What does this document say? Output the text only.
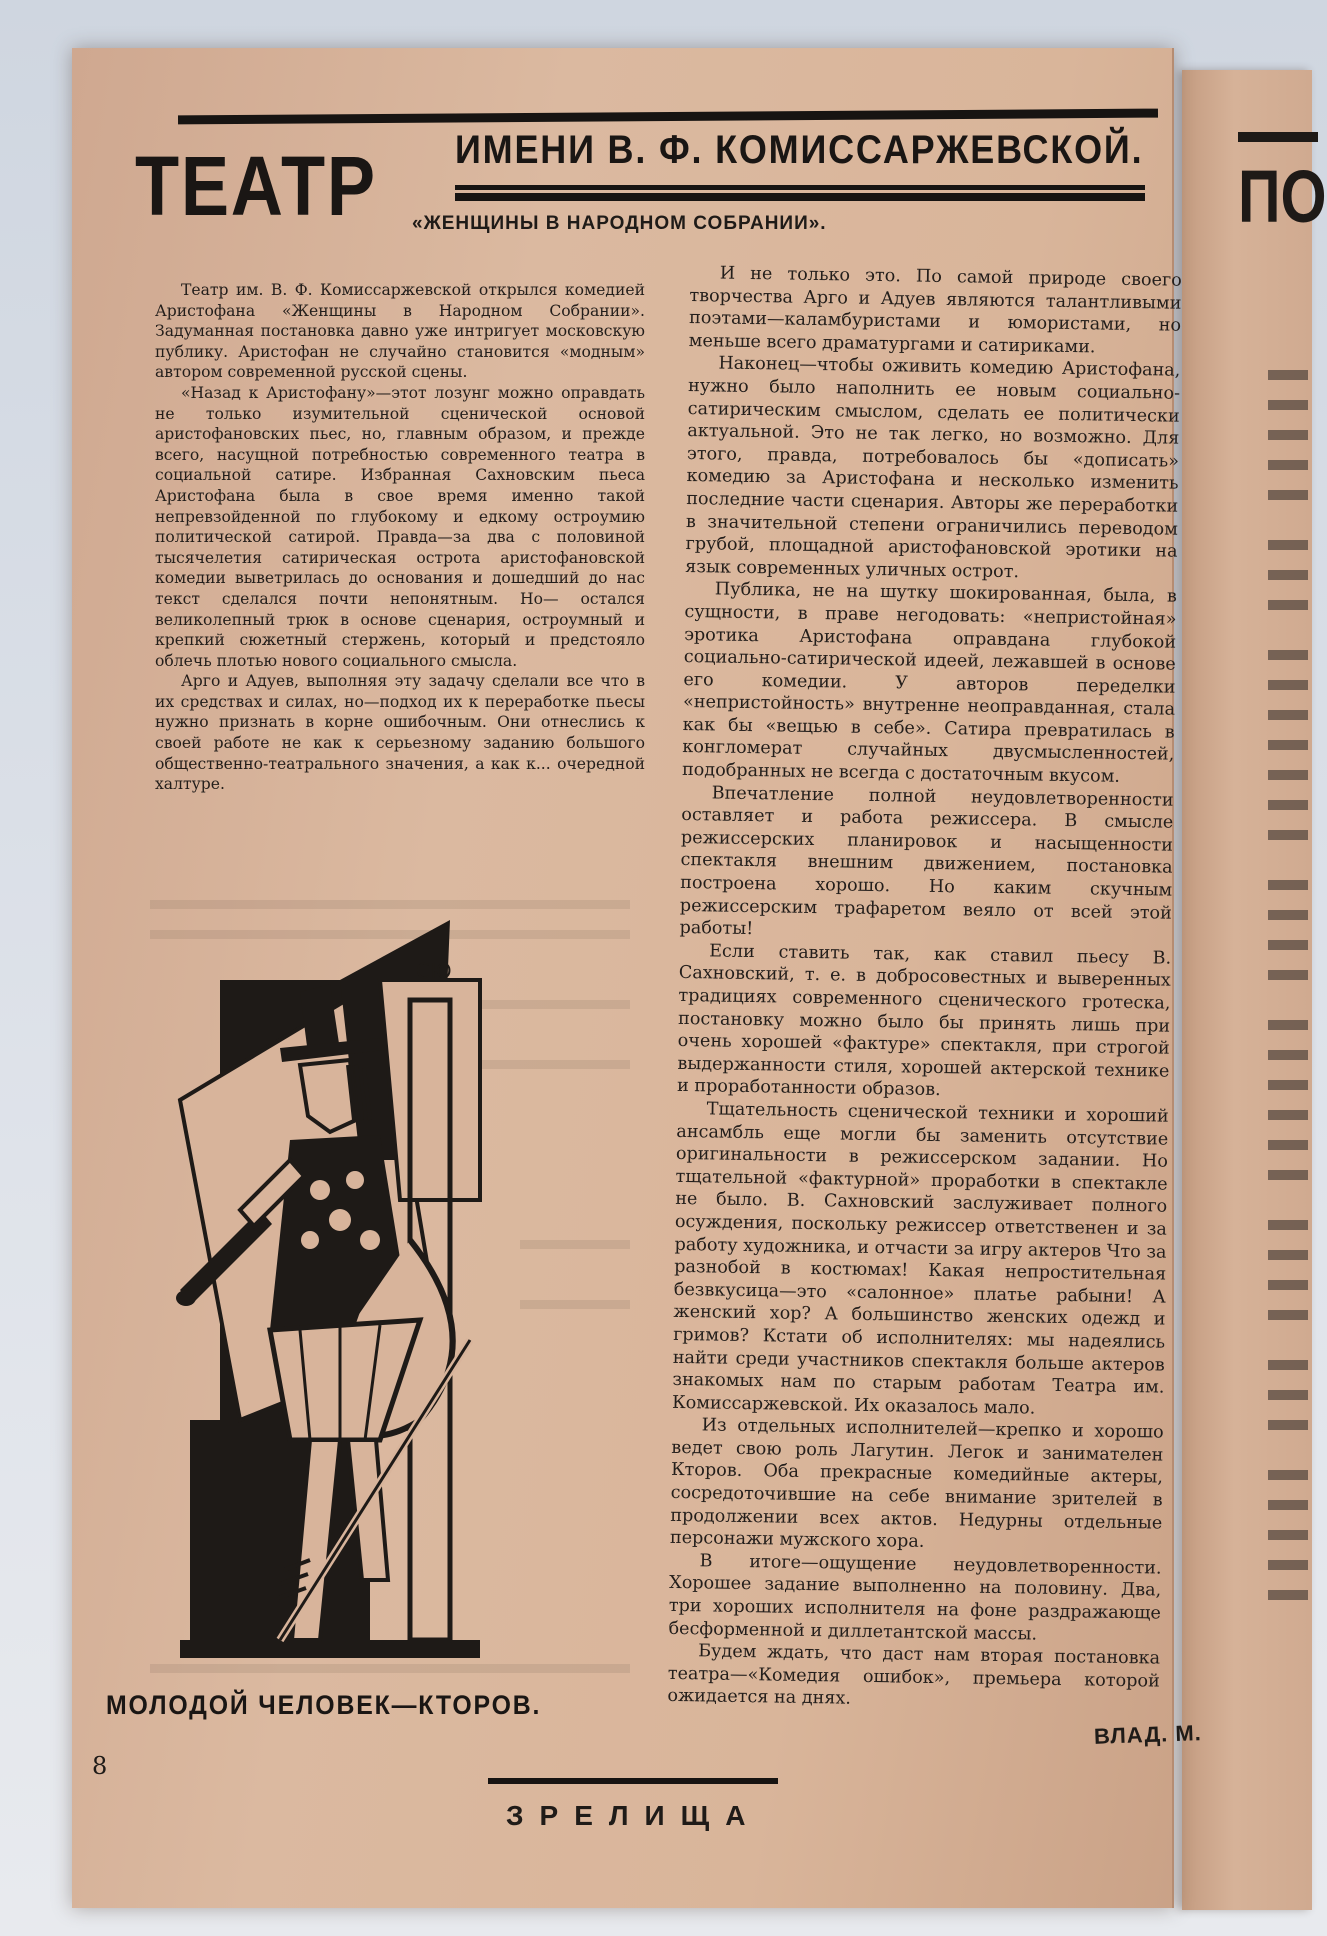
ПО
ТЕАТР ИМЕНИ В. Ф. КОМИССАРЖЕВСКОЙ.
«ЖЕНЩИНЫ В НАРОДНОМ СОБРАНИИ».

Театр им. В. Ф. Комиссаржевской открылся комедией Аристофана «Женщины в Народном Собрании». Задуманная постановка давно уже интригует московскую публику. Аристофан не случайно становится «модным» автором современной русской сцены.

«Назад к Аристофану»—этот лозунг можно оправдать не только изумительной сценической основой аристофановских пьес, но, главным образом, и прежде всего, насущной потребностью современного театра в социальной сатире. Избранная Сахновским пьеса Аристофана была в свое время именно такой непревзойденной по глубокому и едкому остроумию политической сатирой. Правда—за два с половиной тысячелетия сатирическая острота аристофановской комедии выветрилась до основания и дошедший до нас текст сделался почти непонятным. Но— остался великолепный трюк в основе сценария, остроумный и крепкий сюжетный стержень, который и предстояло облечь плотью нового социального смысла.

Арго и Адуев, выполняя эту задачу сделали все что в их средствах и силах, но—подход их к переработке пьесы нужно признать в корне ошибочным. Они отнеслись к своей работе не как к серьезному заданию большого общественно-театрального значения, а как к... очередной халтуре.

СЮ
МОЛОДОЙ ЧЕЛОВЕК—КТОРОВ.

И не только это. По самой природе своего творчества Арго и Адуев являются талантливыми поэтами—каламбуристами и юмористами, но меньше всего драматургами и сатириками.

Наконец—чтобы оживить комедию Аристофана, нужно было наполнить ее новым социально-сатирическим смыслом, сделать ее политически актуальной. Это не так легко, но возможно. Для этого, правда, потребовалось бы «дописать» комедию за Аристофана и несколько изменить последние части сценария. Авторы же переработки в значительной степени ограничились переводом грубой, площадной аристофановской эротики на язык современных уличных острот.

Публика, не на шутку шокированная, была, в сущности, в праве негодовать: «непристойная» эротика Аристофана оправдана глубокой социально-сатирической идеей, лежавшей в основе его комедии. У авторов переделки «непристойность» внутренне неоправданная, стала как бы «вещью в себе». Сатира превратилась в конгломерат случайных двусмысленностей, подобранных не всегда с достаточным вкусом.

Впечатление полной неудовлетворенности оставляет и работа режиссера. В смысле режиссерских планировок и насыщенности спектакля внешним движением, постановка построена хорошо. Но каким скучным режиссерским трафаретом веяло от всей этой работы!

Если ставить так, как ставил пьесу В. Сахновский, т. е. в добросовестных и выверенных традициях современного сценического гротеска, постановку можно было бы принять лишь при очень хорошей «фактуре» спектакля, при строгой выдержанности стиля, хорошей актерской технике и проработанности образов.

Тщательность сценической техники и хороший ансамбль еще могли бы заменить отсутствие оригинальности в режиссерском задании. Но тщательной «фактурной» проработки в спектакле не было. В. Сахновский заслуживает полного осуждения, поскольку режиссер ответственен и за работу художника, и отчасти за игру актеров Что за разнобой в костюмах! Какая непростительная безвкусица—это «салонное» платье рабыни! А женский хор? А большинство женских одежд и гримов? Кстати об исполнителях: мы надеялись найти среди участников спектакля больше актеров знакомых нам по старым работам Театра им. Комиссаржевской. Их оказалось мало.

Из отдельных исполнителей—крепко и хорошо ведет свою роль Лагутин. Легок и занимателен Кторов. Оба прекрасные комедийные актеры, сосредоточившие на себе внимание зрителей в продолжении всех актов. Недурны отдельные персонажи мужского хора.

В итоге—ощущение неудовлетворенности. Хорошее задание выполненно на половину. Два, три хороших исполнителя на фоне раздражающе бесформенной и диллетантской массы.

Будем ждать, что даст нам вторая постановка театра—«Комедия ошибок», премьера которой ожидается на днях.

ВЛАД. М.
8
ЗРЕЛИЩА
